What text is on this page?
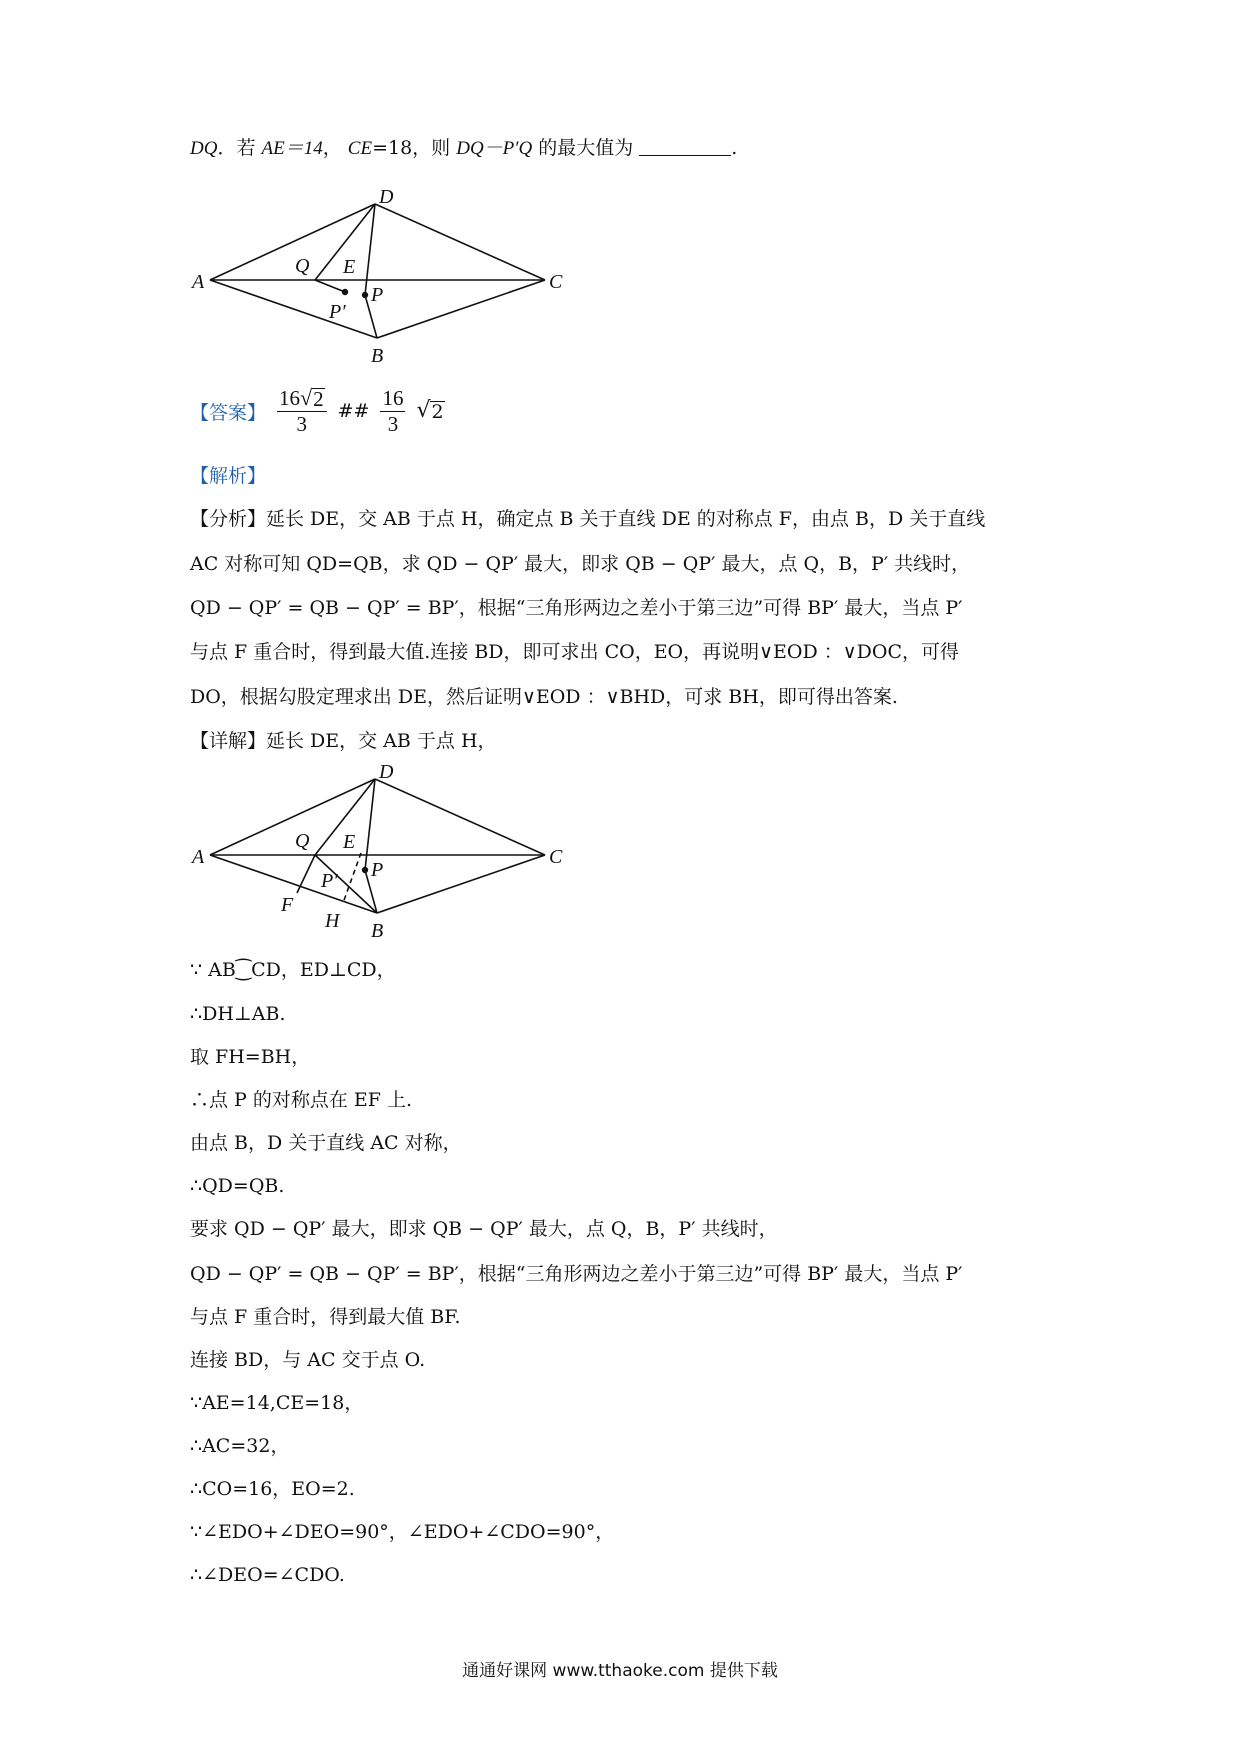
DQ．若 AE＝14， CE=18，则 DQ－P′Q 的最大值为	.
D
A	C
Q E
P
P′
B
【答案】 $\frac{16 √ 2}{3}$ ## $\frac{16}{3}$ √ 2
【解析】
【分析】延长 DE，交 AB 于点 H，确定点 B 关于直线 DE 的对称点 F，由点 B，D 关于直线
AC 对称可知 QD=QB，求 QD − QP′ 最大，即求 QB − QP′ 最大，点 Q，B，P′ 共线时，
QD − QP′ = QB − QP′ = BP′，根据“三角形两边之差小于第三边”可得 BP′ 最大，当点 P′
与点 F 重合时，得到最大值.连接 BD，即可求出 CO，EO，再说明∨EOD ：∨DOC，可得
DO，根据勾股定理求出 DE，然后证明∨EOD ：∨BHD，可求 BH，即可得出答案.
【详解】延长 DE，交 AB 于点 H，
D
A	C
Q E
P
P′
F
H B
∵ AB⁐CD，ED⊥CD，
∴DH⊥AB.
取 FH=BH，
∴点 P 的对称点在 EF 上.
由点 B，D 关于直线 AC 对称，
∴QD=QB.
要求 QD − QP′ 最大，即求 QB − QP′ 最大，点 Q，B，P′ 共线时，
QD − QP′ = QB − QP′ = BP′，根据“三角形两边之差小于第三边”可得 BP′ 最大，当点 P′
与点 F 重合时，得到最大值 BF.
连接 BD，与 AC 交于点 O.
∵AE=14,CE=18，
∴AC=32，
∴CO=16，EO=2.
∵∠EDO+∠DEO=90°，∠EDO+∠CDO=90°，
∴∠DEO=∠CDO.
通通好课网 www.tthaoke.com 提供下载
